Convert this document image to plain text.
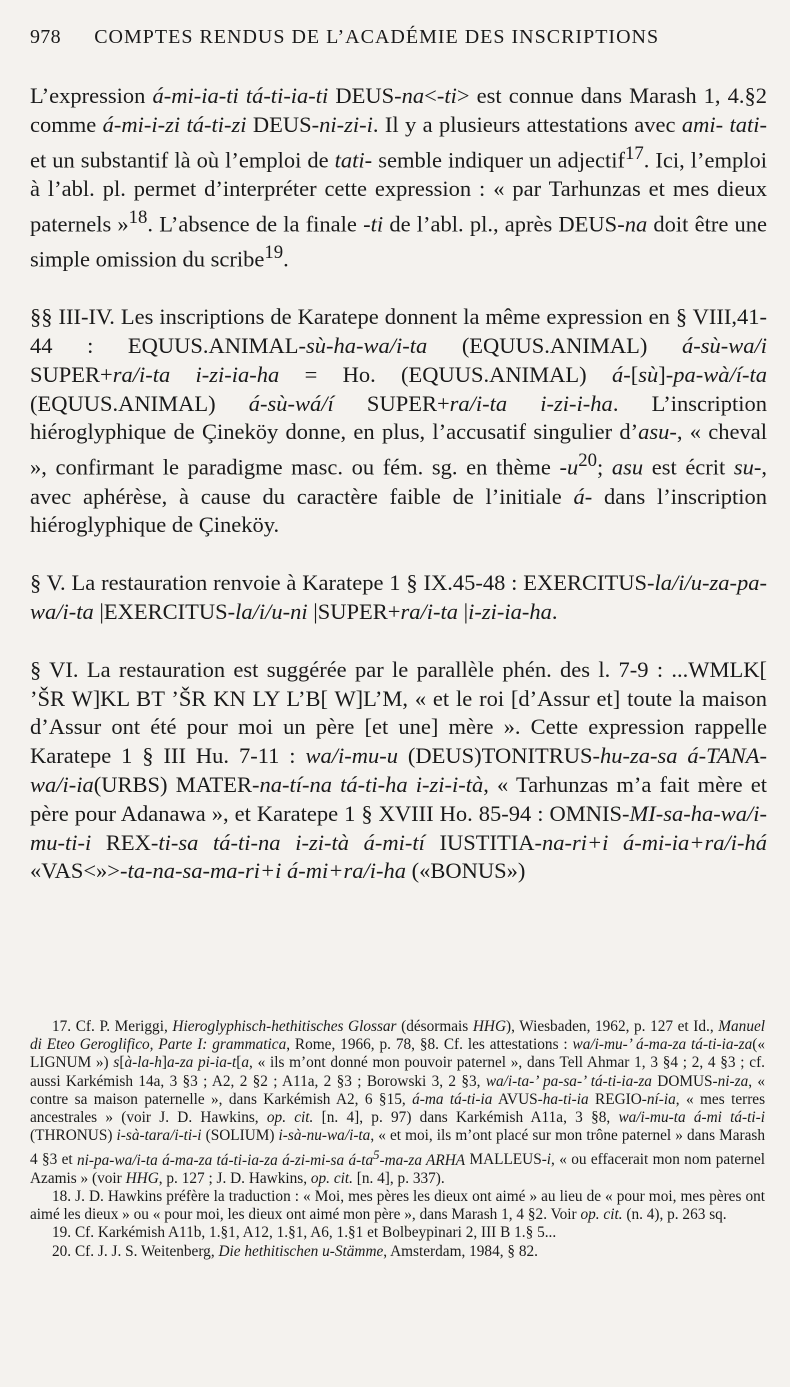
978 COMPTES RENDUS DE L’ACADÉMIE DES INSCRIPTIONS

L’expression á-mi-ia-ti tá-ti-ia-ti DEUS-na<-ti> est connue dans Marash 1, 4.§2 comme á-mi-i-zi tá-ti-zi DEUS-ni-zi-i. Il y a plusieurs attestations avec ami- tati- et un substantif là où l’emploi de tati- semble indiquer un adjectif$^{17}$. Ici, l’emploi à l’abl. pl. permet d’interpréter cette expression : « par Tarhunzas et mes dieux paternels »$^{18}$. L’absence de la finale -ti de l’abl. pl., après DEUS-na doit être une simple omission du scribe$^{19}$.

§§ III-IV. Les inscriptions de Karatepe donnent la même expression en § VIII,41-44 : EQUUS.ANIMAL-sù-ha-wa/i-ta (EQUUS.ANIMAL) á-sù-wa/i SUPER+ra/i-ta i-zi-ia-ha = Ho. (EQUUS.ANIMAL) á-[sù]-pa-wà/í-ta (EQUUS.ANIMAL) á-sù-wá/í SUPER+ra/i-ta i-zi-i-ha. L’inscription hiéroglyphique de Çineköy donne, en plus, l’accusatif singulier d’asu-, « cheval », confirmant le paradigme masc. ou fém. sg. en thème $-u^{20}$; asu est écrit su-, avec aphérèse, à cause du caractère faible de l’initiale á- dans l’inscription hiéroglyphique de Çineköy.

§ V. La restauration renvoie à Karatepe 1 § IX.45-48 : EXERCITUS-la/i/u-za-pa-wa/i-ta |EXERCITUS-la/i/u-ni |SUPER+ra/i-ta |i-zi-ia-ha.

§ VI. La restauration est suggérée par le parallèle phén. des l. 7-9 : ...WMLK[ ’ŠR W]KL BT ’ŠR KN LY L’B[ W]L’M, « et le roi [d’Assur et] toute la maison d’Assur ont été pour moi un père [et une] mère ». Cette expression rappelle Karatepe 1 § III Hu. 7-11 : wa/i-mu-u (DEUS)TONITRUS-hu-za-sa á-TANA-wa/i-ia(URBS) MATER-na-tí-na tá-ti-ha i-zi-i-tà, « Tarhunzas m’a fait mère et père pour Adanawa », et Karatepe 1 § XVIII Ho. 85-94 : OMNIS-MI-sa-ha-wa/i-mu-ti-i REX-ti-sa tá-ti-na i-zi-tà á-mi-tí IUSTITIA-na-ri+i á-mi-ia+ra/i-há «VAS<»>-ta-na-sa-ma-ri+i á-mi+ra/i-ha («BONUS»)

17. Cf. P. Meriggi, Hieroglyphisch-hethitisches Glossar (désormais HHG), Wiesbaden, 1962, p. 127 et Id., Manuel di Eteo Geroglifico, Parte I: grammatica, Rome, 1966, p. 78, §8. Cf. les attestations : wa/i-mu-’ á-ma-za tá-ti-ia-za(« LIGNUM ») s[à-la-h]a-za pi-ia-t[a, « ils m’ont donné mon pouvoir paternel », dans Tell Ahmar 1, 3 §4 ; 2, 4 §3 ; cf. aussi Karkémish 14a, 3 §3 ; A2, 2 §2 ; A11a, 2 §3 ; Borowski 3, 2 §3, wa/i-ta-’ pa-sa-’ tá-ti-ia-za DOMUS-ni-za, « contre sa maison paternelle », dans Karkémish A2, 6 §15, á-ma tá-ti-ia AVUS-ha-ti-ia REGIO-ní-ia, « mes terres ancestrales » (voir J. D. Hawkins, op. cit. [n. 4], p. 97) dans Karkémish A11a, 3 §8, wa/i-mu-ta á-mi tá-ti-i (THRONUS) i-sà-tara/i-ti-i (SOLIUM) i-sà-nu-wa/i-ta, « et moi, ils m’ont placé sur mon trône paternel » dans Marash 4 §3 et ni-pa-wa/i-ta á-ma-za tá-ti-ia-za á-zi-mi-sa $á-ta^5-ma-za$ ARHA MALLEUS-i, « ou effacerait mon nom paternel Azamis » (voir HHG, p. 127 ; J. D. Hawkins, op. cit. [n. 4], p. 337).

18. J. D. Hawkins préfère la traduction : « Moi, mes pères les dieux ont aimé » au lieu de « pour moi, mes pères ont aimé les dieux » ou « pour moi, les dieux ont aimé mon père », dans Marash 1, 4 §2. Voir op. cit. (n. 4), p. 263 sq.

19. Cf. Karkémish A11b, 1.§1, A12, 1.§1, A6, 1.§1 et Bolbeypinari 2, III B 1.§ 5...

20. Cf. J. J. S. Weitenberg, Die hethitischen u-Stämme, Amsterdam, 1984, § 82.
